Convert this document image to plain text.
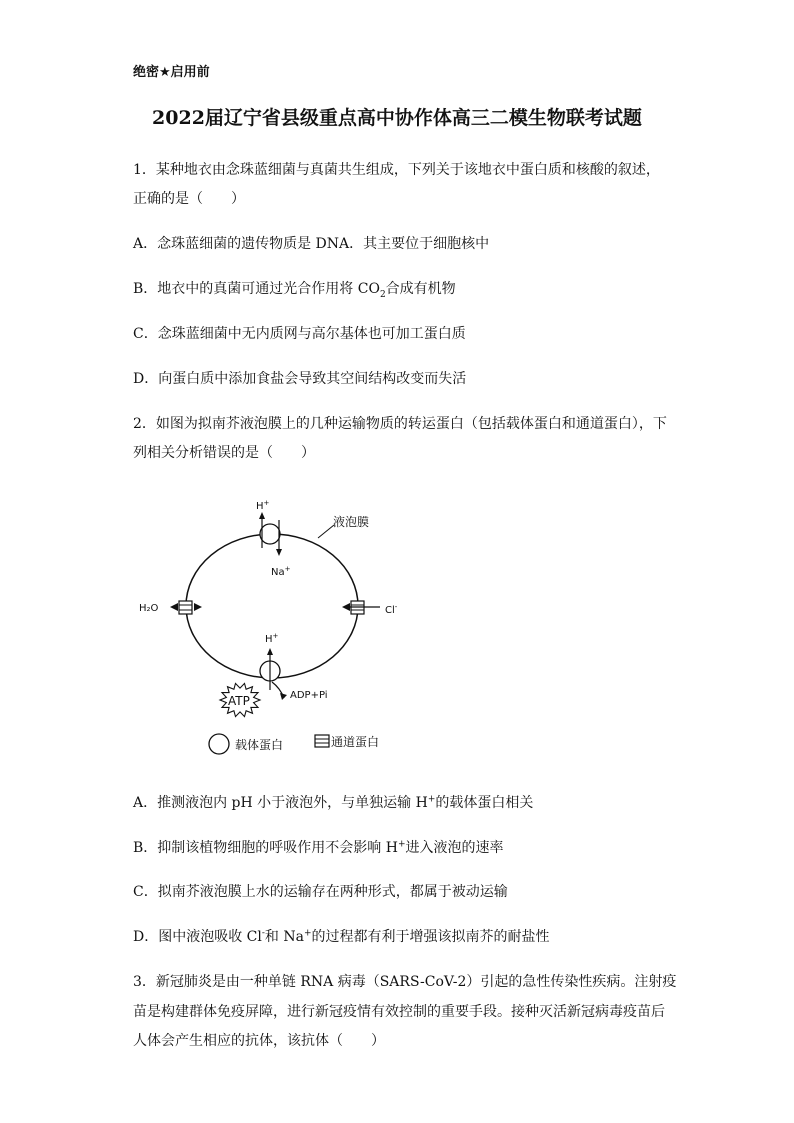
绝密★启用前
2022届辽宁省县级重点高中协作体高三二模生物联考试题
1．某种地衣由念珠蓝细菌与真菌共生组成，下列关于该地衣中蛋白质和核酸的叙述，
正确的是（　　）
A．念珠蓝细菌的遗传物质是 DNA．其主要位于细胞核中
B．地衣中的真菌可通过光合作用将 $CO_2$合成有机物
C．念珠蓝细菌中无内质网与高尔基体也可加工蛋白质
D．向蛋白质中添加食盐会导致其空间结构改变而失活
2．如图为拟南芥液泡膜上的几种运输物质的转运蛋白（包括载体蛋白和通道蛋白），下
列相关分析错误的是（　　）
液泡膜
H+
Na+
H₂O	Cl-
H+
ADP+Pi
ATP
载体蛋白	通道蛋白
A．推测液泡内 pH 小于液泡外，与单独运输 H+的载体蛋白相关
B．抑制该植物细胞的呼吸作用不会影响 H+进入液泡的速率
C．拟南芥液泡膜上水的运输存在两种形式，都属于被动运输
D．图中液泡吸收 Cl-和 Na+的过程都有利于增强该拟南芥的耐盐性
3．新冠肺炎是由一种单链 RNA 病毒（SARS-CoV-2）引起的急性传染性疾病。注射疫
苗是构建群体免疫屏障，进行新冠疫情有效控制的重要手段。接种灭活新冠病毒疫苗后
人体会产生相应的抗体，该抗体（　　）
